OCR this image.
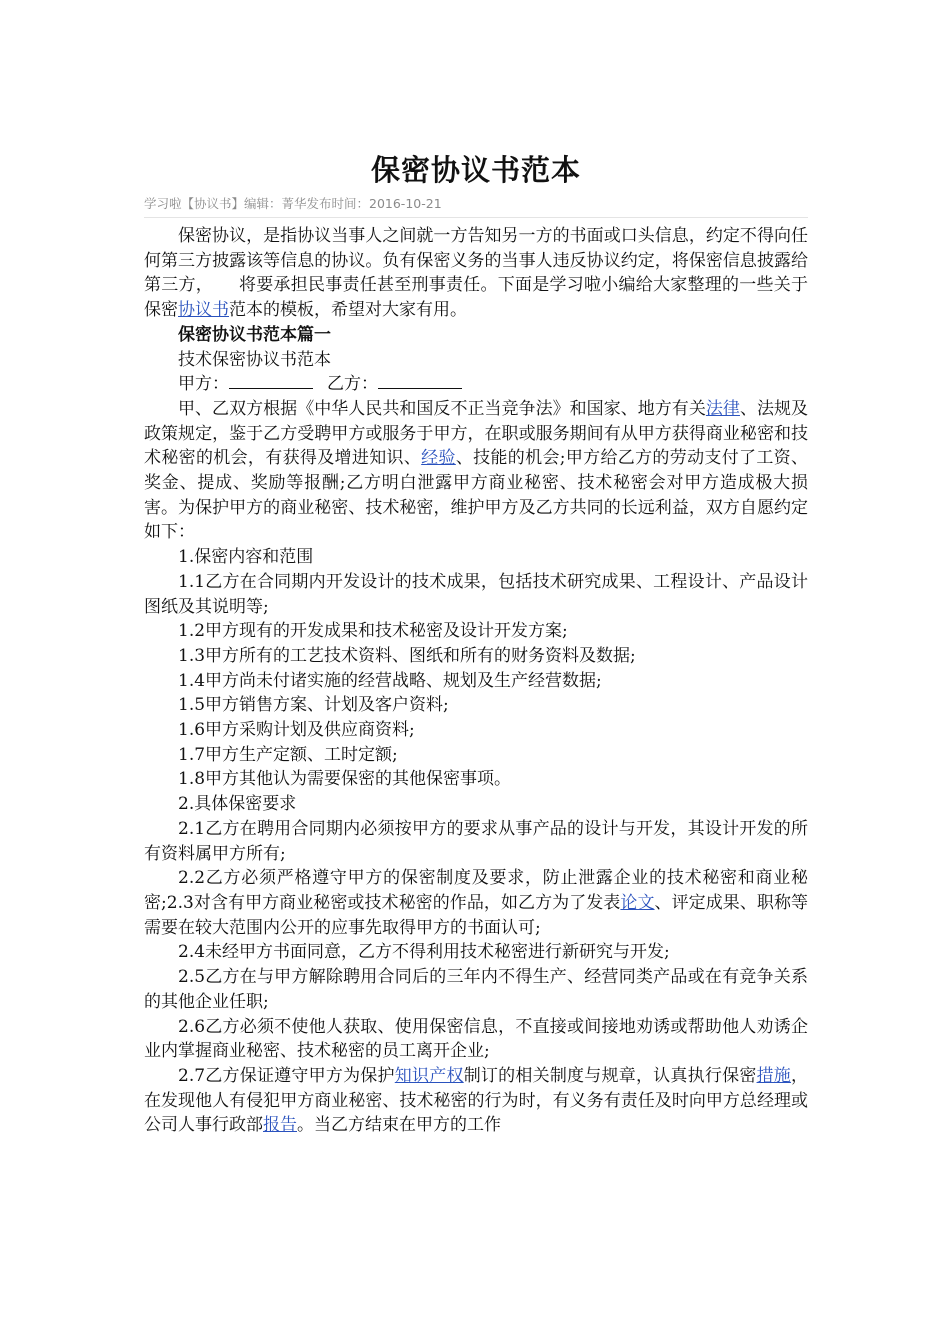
保密协议书范本
学习啦【协议书】编辑：菁华发布时间：2016-10-21

保密协议，是指协议当事人之间就一方告知另一方的书面或口头信息，约定不得向任何第三方披露该等信息的协议。负有保密义务的当事人违反协议约定，将保密信息披露给第三方，　　将要承担民事责任甚至刑事责任。下面是学习啦小编给大家整理的一些关于保密协议书范本的模板，希望对大家有用。

保密协议书范本篇一

技术保密协议书范本

甲方：	乙方：

甲、乙双方根据《中华人民共和国反不正当竞争法》和国家、地方有关法律、法规及政策规定，鉴于乙方受聘甲方或服务于甲方，在职或服务期间有从甲方获得商业秘密和技术秘密的机会，有获得及增进知识、经验、技能的机会;甲方给乙方的劳动支付了工资、奖金、提成、奖励等报酬;乙方明白泄露甲方商业秘密、技术秘密会对甲方造成极大损害。为保护甲方的商业秘密、技术秘密，维护甲方及乙方共同的长远利益，双方自愿约定如下：

1.保密内容和范围

1.1乙方在合同期内开发设计的技术成果，包括技术研究成果、工程设计、产品设计图纸及其说明等;

1.2甲方现有的开发成果和技术秘密及设计开发方案;

1.3甲方所有的工艺技术资料、图纸和所有的财务资料及数据;

1.4甲方尚未付诸实施的经营战略、规划及生产经营数据;

1.5甲方销售方案、计划及客户资料;

1.6甲方采购计划及供应商资料;

1.7甲方生产定额、工时定额;

1.8甲方其他认为需要保密的其他保密事项。

2.具体保密要求

2.1乙方在聘用合同期内必须按甲方的要求从事产品的设计与开发，其设计开发的所有资料属甲方所有;

2.2乙方必须严格遵守甲方的保密制度及要求，防止泄露企业的技术秘密和商业秘密;2.3对含有甲方商业秘密或技术秘密的作品，如乙方为了发表论文、评定成果、职称等需要在较大范围内公开的应事先取得甲方的书面认可;

2.4未经甲方书面同意，乙方不得利用技术秘密进行新研究与开发;

2.5乙方在与甲方解除聘用合同后的三年内不得生产、经营同类产品或在有竞争关系的其他企业任职;

2.6乙方必须不使他人获取、使用保密信息，不直接或间接地劝诱或帮助他人劝诱企业内掌握商业秘密、技术秘密的员工离开企业;

2.7乙方保证遵守甲方为保护知识产权制订的相关制度与规章，认真执行保密措施，在发现他人有侵犯甲方商业秘密、技术秘密的行为时，有义务有责任及时向甲方总经理或公司人事行政部报告。当乙方结束在甲方的工作
